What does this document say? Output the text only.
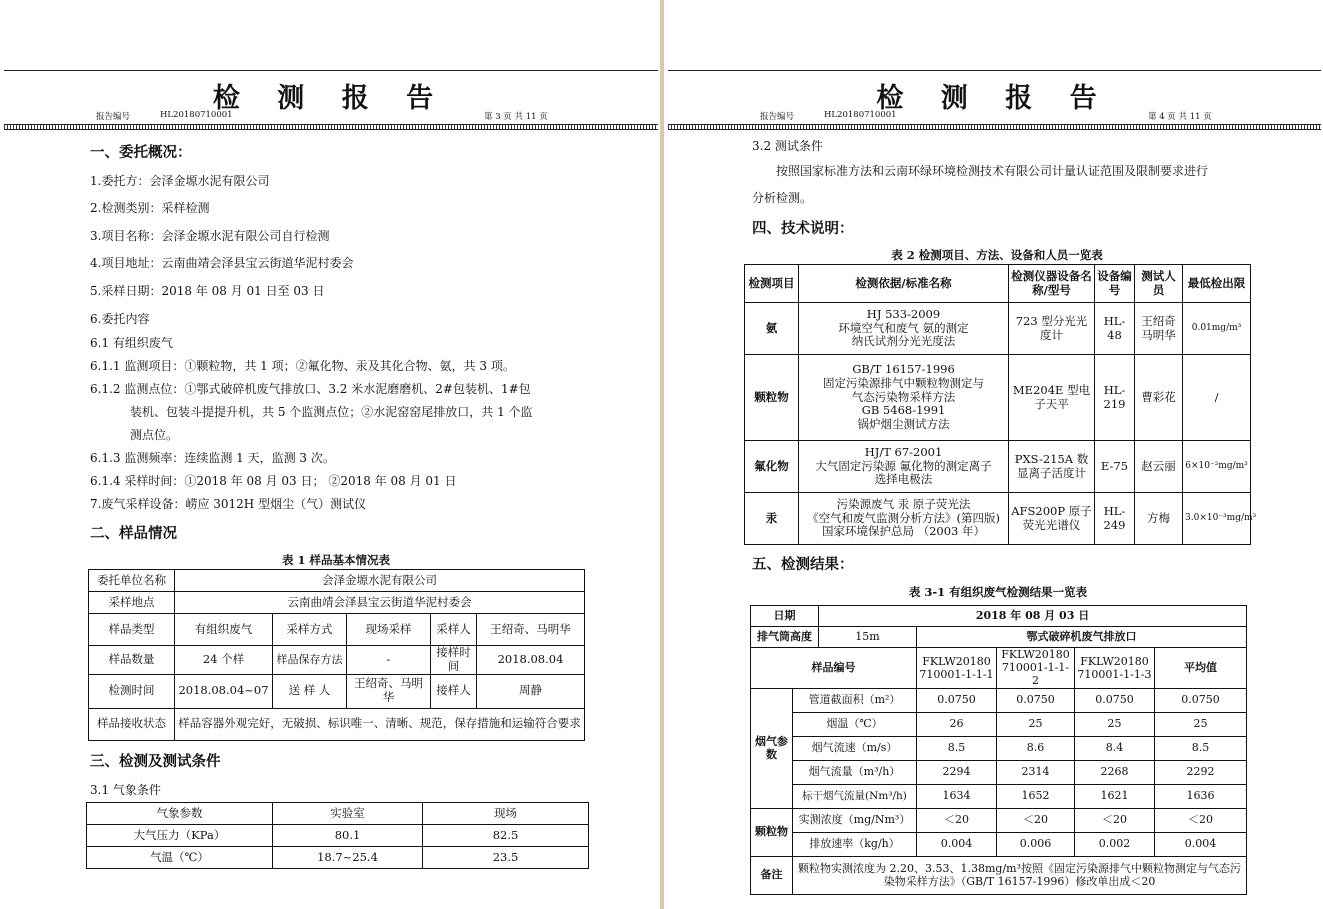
检 测 报 告
报告编号	HL20180710001	第 3 页 共 11 页
一、委托概况：
1.委托方：会泽金塬水泥有限公司
2.检测类别：采样检测
3.项目名称：会泽金塬水泥有限公司自行检测
4.项目地址：云南曲靖会泽县宝云街道华泥村委会
5.采样日期：2018 年 08 月 01 日至 03 日
6.委托内容
6.1 有组织废气
6.1.1 监测项目：①颗粒物，共 1 项；②氟化物、汞及其化合物、氨，共 3 项。
6.1.2 监测点位：①鄂式破碎机废气排放口、3.2 米水泥磨磨机、2#包装机、1#包
装机、包装斗提提升机，共 5 个监测点位；②水泥窑窑尾排放口，共 1 个监
测点位。
6.1.3 监测频率：连续监测 1 天，监测 3 次。
6.1.4 采样时间：①2018 年 08 月 03 日； ②2018 年 08 月 01 日
7.废气采样设备：崂应 3012H 型烟尘（气）测试仪
二、样品情况
表 1 样品基本情况表
委托单位名称	会泽金塬水泥有限公司				
采样地点	云南曲靖会泽县宝云街道华泥村委会				
样品类型	有组织废气	采样方式	现场采样	采样人	王绍奇、马明华
样品数量	24 个样	样品保存方法	-	接样时间	2018.08.04
检测时间	2018.08.04~07	送 样 人	王绍奇、马明华	接样人	周静
样品接收状态	样品容器外观完好，无破损、标识唯一、清晰、规范，保存措施和运输符合要求				
三、检测及测试条件
3.1 气象条件
气象参数	实验室	现场
大气压力（KPa）	80.1	82.5
气温（℃）	18.7~25.4	23.5
检 测 报 告
报告编号	HL20180710001	第 4 页 共 11 页
3.2 测试条件
按照国家标准方法和云南环绿环境检测技术有限公司计量认证范围及限制要求进行
分析检测。
四、技术说明：
表 2 检测项目、方法、设备和人员一览表
检测项目	检测依据/标准名称	检测仪器设备名称/型号	设备编号	测试人员	最低检出限
氨	HJ 533-2009
环境空气和废气 氨的测定
纳氏试剂分光光度法	723 型分光光度计	HL-48	王绍奇马明华	0.01mg/m³
颗粒物	GB/T 16157-1996
固定污染源排气中颗粒物测定与
气态污染物采样方法
GB 5468-1991
锅炉烟尘测试方法	ME204E 型电子天平	HL-219	曹彩花	/
氟化物	HJ/T 67-2001
大气固定污染源 氟化物的测定离子
选择电极法	PXS-215A 数显离子活度计	E-75	赵云丽	6×10⁻²mg/m³
汞	污染源废气 汞 原子荧光法
《空气和废气监测分析方法》(第四版)
国家环境保护总局 （2003 年）	AFS200P 原子荧光光谱仪	HL-249	方梅	3.0×10⁻³mg/m³
五、检测结果：
表 3-1 有组织废气检测结果一览表
日期		2018 年 08 月 03 日				
排气筒高度		15m	鄂式破碎机废气排放口			
样品编号			FKLW20180710001-1-1-1	FKLW20180710001-1-1-2	FKLW20180710001-1-1-3	平均值
烟气参数	管道截面积（m²）		0.0750	0.0750	0.0750	0.0750
	烟温（℃）		26	25	25	25
	烟气流速（m/s）		8.5	8.6	8.4	8.5
	烟气流量（m³/h）		2294	2314	2268	2292
	标干烟气流量(Nm³/h)		1634	1652	1621	1636
颗粒物	实测浓度（mg/Nm³）		＜20	＜20	＜20	＜20
	排放速率（kg/h）		0.004	0.006	0.002	0.004
备注	颗粒物实测浓度为 2.20、3.53、1.38mg/m³按照《固定污染源排气中颗粒物测定与气态污染物采样方法》（GB/T 16157-1996）修改单出成＜20					
